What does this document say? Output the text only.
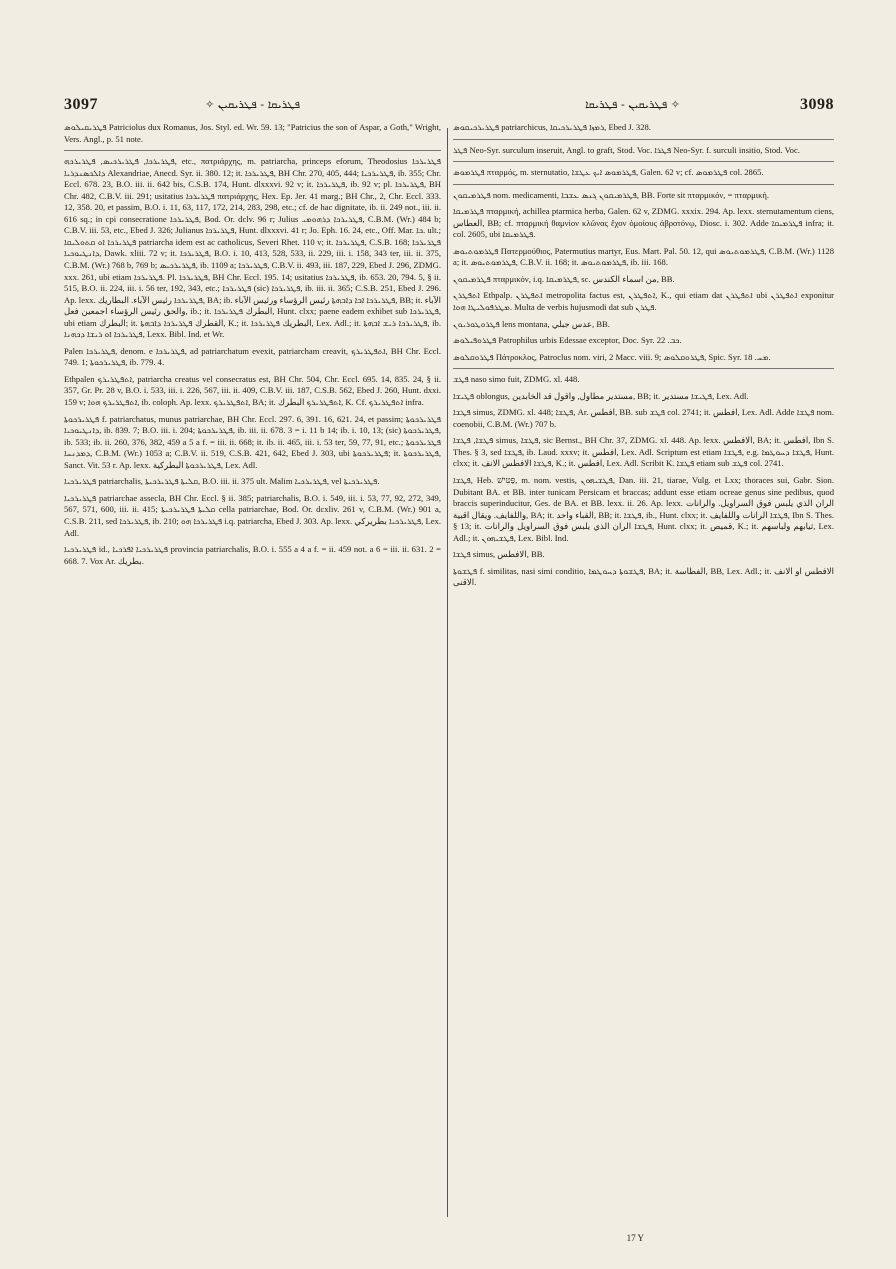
3097	ܦܛܪܝܩܐ - ܦܛܪܝܩܝܢ ✧	✧ ܦܛܪܝܩܝܢ - ܦܛܪܝܩܐ	3098
ܦܛܪܝܩܝܠܘܣ Patriciolus dux Romanus, Jos. Styl. ed. Wr. 59. 13; "Patricius the son of Aspar, a Goth," Wright, Vers. Angl., p. 51 note.
ܦܛܪܝܪܟܐ, ܦܛܪܝܪܟܝܣ, ܦܛܪܝܪܟܗ, etc., πατριάρχης, m. patriarcha, princeps eforum, Theodosius ܦܛܪܝܪܟܐ ܕܐܠܟܣܢܕܪܝܐ Alexandriae, Anecd. Syr. ii. 380. 12; it. ܦܛܪܝܪܟܐ, BH Chr. 270, 405, 444; ܦܛܪܝܪܟܝܐ, ib. 355; Chr. Eccl. 678. 23, B.O. iii. ii. 642 bis, C.S.B. 174, Hunt. dlxxxvi. 92 v; it. ܦܛܪܝܪܟܐ, ib. 92 v; pl. ܦܛܪܝܪܟܐ, BH Chr. 482, C.B.V. iii. 291; usitatius ܦܛܪܝܪܟܐ πατριάρχης, Hex. Ep. Jer. 41 marg.; BH Chr., 2, Chr. Eccl. 333. 12, 358. 20, et passim, B.O. i. 11, 63, 117, 172, 214, 283, 298, etc.; cf. de hac dignitate, ib. ii. 249 not., iii. ii. 616 sq.; in cpi consecratione ܦܛܪܝܪܟܐ, Bod. Or. dclv. 96 r; Julius ܦܛܪܝܪܟܐ ܕܪܗܘܡܝ, C.B.M. (Wr.) 484 b; C.B.V. iii. 53, etc., Ebed J. 326; Julianus ܦܛܪܝܪܟܐ, Hunt. dlxxxvi. 41 r; Jo. Eph. 16. 24, etc., Off. Mar. ܟܐ. ult.; ܦܛܪܝܪܟܐ ܐܘ ܩܬܘܠܝܩܐ patriarcha idem est ac catholicus, Severi Rhet. 110 v; it. ܦܛܪܝܪܟܐ, C.S.B. 168; ܦܛܪܝܪܟܐ ܕܐܢܛܝܘܟܝܐ, Dawk. xliii. 72 v; it. ܦܛܪܝܪܟܐ, B.O. i. 10, 413, 528, 533, ii. 229, iii. i. 158, 343 ter, iii. ii. 375, C.B.M. (Wr.) 768 b, 769 b; ܦܛܪܝܪܟܝܣ, ib. 1109 a; ܦܛܪܝܪܟܐ, C.B.V. ii. 493, iii. 187, 229, Ebed J. 296, ZDMG. xxx. 261, ubi etiam ܦܛܪܝܪܟܐ. Pl. ܦܛܪܝܪܟܐ, BH Chr. Eccl. 195. 14; usitatius ܦܛܪܝܪܟܐ, ib. 653. 20, 794. 5, § ii. 515, B.O. ii. 224, iii. i. 56 ter, 192, 343, etc.; ܦܛܪܝܪܟܐ (sic) ܦܛܪܝܪܟܐ, ib. iii. ii. 365; C.S.B. 251, Ebed J. 296. Ap. lexx. ܦܛܪܝܪܟܐ رئيس الآباء. البطاريك, BA; ib. ܦܛܪܝܪܟܐ ܐܒܐ ܕܐܒܗܬܐ رئيس الرؤساء ورئيس الآباء, BB; it. الآباء والحق رئيس الرؤساء اجمعين فعل, ib.; it. البطرك ܦܛܪܝܪܟܐ, Hunt. clxx; paene eadem exhibet sub ܦܛܪܝܪܟܐ, ubi etiam البطرك; it. القطرك ܦܛܪܝܪܟܐ ܕܐܒܗܬܐ, K.; it. البطريك ܦܛܪܝܪܟܐ, Lex. Adl.; it. ܦܛܪܝܪܟܐ ܪܝܫ ܐܒܗܬܐ, ib. ܦܛܪܝܪܟܐ ܐܘ ܪܝܫܐ ܕܟܗܢܐ, Lexx. Bibl. Ind. et Wr.
Palen ܦܛܪܝܪܟܐ, denom. e ܦܛܪܝܪܟܐ, ad patriarchatum evexit, patriarcham creavit, ܐܬܦܛܪܝܪܟ, BH Chr. Eccl. 749. 1; ܦܛܪܝܪܟܘܬܐ, ib. 779. 4.
Ethpalen ܐܬܦܛܪܝܪܟ, patriarcha creatus vel consecratus est, BH Chr. 504, Chr. Eccl. 695. 14, 835. 24, § ii. 357, Gr. Pr. 28 v, B.O. i. 533, iii. i. 226, 567, iii. ii. 409, C.B.V. iii. 187, C.S.B. 562, Ebed J. 260, Hunt. dxxi. 159 v; ܐܬܦܛܪܝܪܟ ܗܘܐ, ib. coloph. Ap. lexx. ܐܬܦܛܪܝܪܟ, BA; it. ܐܬܦܛܪܝܪܟ البطرك, K. Cf. ܐܬܦܛܪܝܪܟ infra.
ܦܛܪܝܪܟܘܬܐ f. patriarchatus, munus patriarchae, BH Chr. Eccl. 297. 6, 391. 16, 621. 24, et passim; ܦܛܪܝܪܟܘܬܐ ܕܐܢܛܝܘܟܝܐ, ib. 839. 7; B.O. iii. i. 204; ܦܛܪܝܪܟܘܬܐ, ib. iii. ii. 678. 3 = i. 11 b 14; ib. i. 10, 13; (sic) ܦܛܪܝܪܟܘܬܐ, ib. 533; ib. ii. 260, 376, 382, 459 a 5 a f. = iii. ii. 668; it. ib. ii. 465, iii. i. 53 ter, 59, 77, 91, etc.; ܦܛܪܝܪܟܘܬܐ ܕܡܕܢܚܐ, C.B.M. (Wr.) 1053 a; C.B.V. ii. 519, C.S.B. 421, 642, Ebed J. 303, ubi ܦܛܪܝܪܟܘܬܐ; it. ܦܛܪܝܪܟܘܬܐ, Sanct. Vit. 53 r. Ap. lexx. ܦܛܪܝܪܟܘܬܐ البطركية, Lex. Adl.
ܦܛܪܝܪܟܝܐ patriarchalis, ܩܠܝܬܐ ܦܛܪܝܪܟܝܬܐ, B.O. iii. ii. 375 ult. Malim ܦܛܪܝܪܟܝܐ, vel ܦܛܪܝܪܟܝܬܐ.
ܦܛܪܝܪܟܝܐ patriarchae assecla, BH Chr. Eccl. § ii. 385; patriarchalis, B.O. i. 549, iii. i. 53, 77, 92, 272, 349, 567, 571, 600, iii. ii. 415; ܩܠܝܬܐ ܦܛܪܝܪܟܝܬܐ cella patriarchae, Bod. Or. dcxliv. 261 v, C.B.M. (Wr.) 901 a, C.S.B. 211, sed ܦܛܪܝܪܟܐ, ib. 210; ܦܛܪܝܪܟܐ ܗܘ i.q. patriarcha, Ebed J. 303. Ap. lexx. ܦܛܪܝܪܟܝܐ بطريركي, Lex. Adl.
ܦܛܪܝܪܟܝܐ id., ܦܛܪܝܪܟܝܐ ܐܦܪܟܝܐ provincia patriarchalis, B.O. i. 555 a 4 a f. = ii. 459 not. a 6 = iii. ii. 631. 2 = 668. 7. Vox Ar. بطريك.
ܦܛܪܝܪܟܝܩܘܣ patriarchicus, ܪܡܙܐ ܦܛܪܝܪܟܝܩܐ, Ebed J. 328.
ܦܛܪ Neo-Syr. surculum inseruit, Angl. to graft, Stod. Voc. ܦܛܪܐ Neo-Syr. f. surculi insitio, Stod. Voc.
ܦܛܪܡܘܣ πταρμός, m. sternutatio, ܦܛܪܡܘܣ ܐܝܟ ܥܛܫܐ, Galen. 62 v; cf. ܦܛܪܡܘܣ col. 2865.
ܦܛܪܡܝܩܘܢ nom. medicamenti, ܦܛܪܡܝܩܘܢ ܓܢܣ ܥܫܒܐ, BB. Forte sit πταρμικόν, = πταρμική.
ܦܛܪܡܝܩܐ πταρμική, achillea ptarmica herba, Galen. 62 v, ZDMG. xxxix. 294. Ap. lexx. sternutamentum ciens, العطاس, BB; cf. πταρμική θαμνίον κλῶνας ἔχον ὁμοίους ἀβροτόνῳ, Diosc. i. 302. Adde ܦܛܪܡܝܩܐ infra; it. col. 2605, ubi ܦܛܪܡܝܩܐ.
ܦܛܪܡܘܬܝܘܣ Πατερμούθιος, Patermutius martyr, Eus. Mart. Pal. 50. 12, qui ܦܛܪܡܘܬܝܘܣ, C.B.M. (Wr.) 1128 a; it. ܦܛܪܡܘܬܝܘܣ, C.B.V. ii. 168; it. ܦܛܪܡܘܬܝܘܣ, ib. iii. 168.
ܦܛܪܡܝܩܘܢ πταρμικόν, i.q. ܦܛܪܡܝܩܐ, sc. من اسماء الكندس, BB.
ܐܬܦܛܪܢ Ethpalp. ܐܬܦܛܪܢ metropolita factus est, ܐܬܦܛܪܢ, K., qui etiam dat ܐܬܦܛܪܢ ubi ܐܬܦܛܪܢ exponitur ܡܛܪܦܘܠܝܛܐ ܗܘܐ. Multa de verbis hujusmodi dat sub ܦܛܪܢ.
ܦܛܪܘܛܘܪܝܘܢ lens montana, عدس جبلي, BB.
ܦܛܪܘܦܝܠܘܣ Patrophilus urbis Edessae exceptor, Doc. Syr. ܟܒ. 22.
ܦܛܪܘܩܠܘܣ Πάτροκλος, Patroclus nom. viri, 2 Macc. viii. 9; ܦܛܪܘܩܠܘܣ, Spic. Syr. ܡܚ. 18.
ܦܛܫ naso simo fuit, ZDMG. xl. 448.
ܦܛܝܫܐ oblongus, مستدير مطاول, واقول قد الخابدين, BB; it. ܦܛܝܫܐ مستدير, Lex. Adl.
ܦܛܫܐ simus, ZDMG. xl. 448; ܦܛܫܐ, Ar. افطس, BB. sub ܦܛܫ col. 2741; it. افطس, Lex. Adl. Adde ܦܛܫܐ nom. coenobii, C.B.M. (Wr.) 707 b.
ܦܛܫܐ, ܦܛܫܐ simus, ܦܛܫܐ, sic Bernst., BH Chr. 37, ZDMG. xl. 448. Ap. lexx. الافطس, BA; it. افطس, Ibn S. Thes. § 3, sed ܦܛܫܐ, ib. Laud. xxxv; it. افطس, Lex. Adl. Scriptum est etiam ܦܛܫܐ, e.g. ܦܛܫܐ ܕܚܘܛܡܐ, Hunt. clxx; it. ܦܛܫܐ الافطس الانف, K.; it. افطس, Lex. Adl. Scribit K. ܦܛܫܐ etiam sub ܦܛܫ col. 2741.
ܦܛܫܐ, Heb. פַּטִּישׁ, m. nom. vestis, ܦܛܫܝܗܘܢ, Dan. iii. 21, tiarae, Vulg. et Lxx; thoraces sui, Gabr. Sion. Dubitant BA. et BB. inter tunicam Persicam et braccas; addunt esse etiam ocreae genus sine pedibus, quod braccis superinducitur, Ges. de BA. et BB. lexx. ii. 26. Ap. lexx. الران الذي يلبس فوق السراويل. والرانات واللفايف. ويقال اقبية, BA; it. القباء واحد, BB; it. ܦܛܫܐ, ib., Hunt. clxx; it. ܦܛܫܐ الرانات واللفايف, Ibn S. Thes. § 13; it. ܦܛܫܐ الران الذي يلبس فوق السراويل والرانات, Hunt. clxx; it. قميص, K.; it. ثيابهم ولباسهم, Lex. Adl.; it. ܦܛܫܝܗܘܢ, Lex. Bibl. Ind.
ܦܛܫܐ simus, الافطس, BB.
ܦܛܫܘܬܐ f. similitas, nasi simi conditio, ܦܛܫܘܬܐ ܕܚܘܛܡܐ, BA; it. الفطاسة, BB, Lex. Adl.; it. الافطس او الانف الاقنى.
17 Y
